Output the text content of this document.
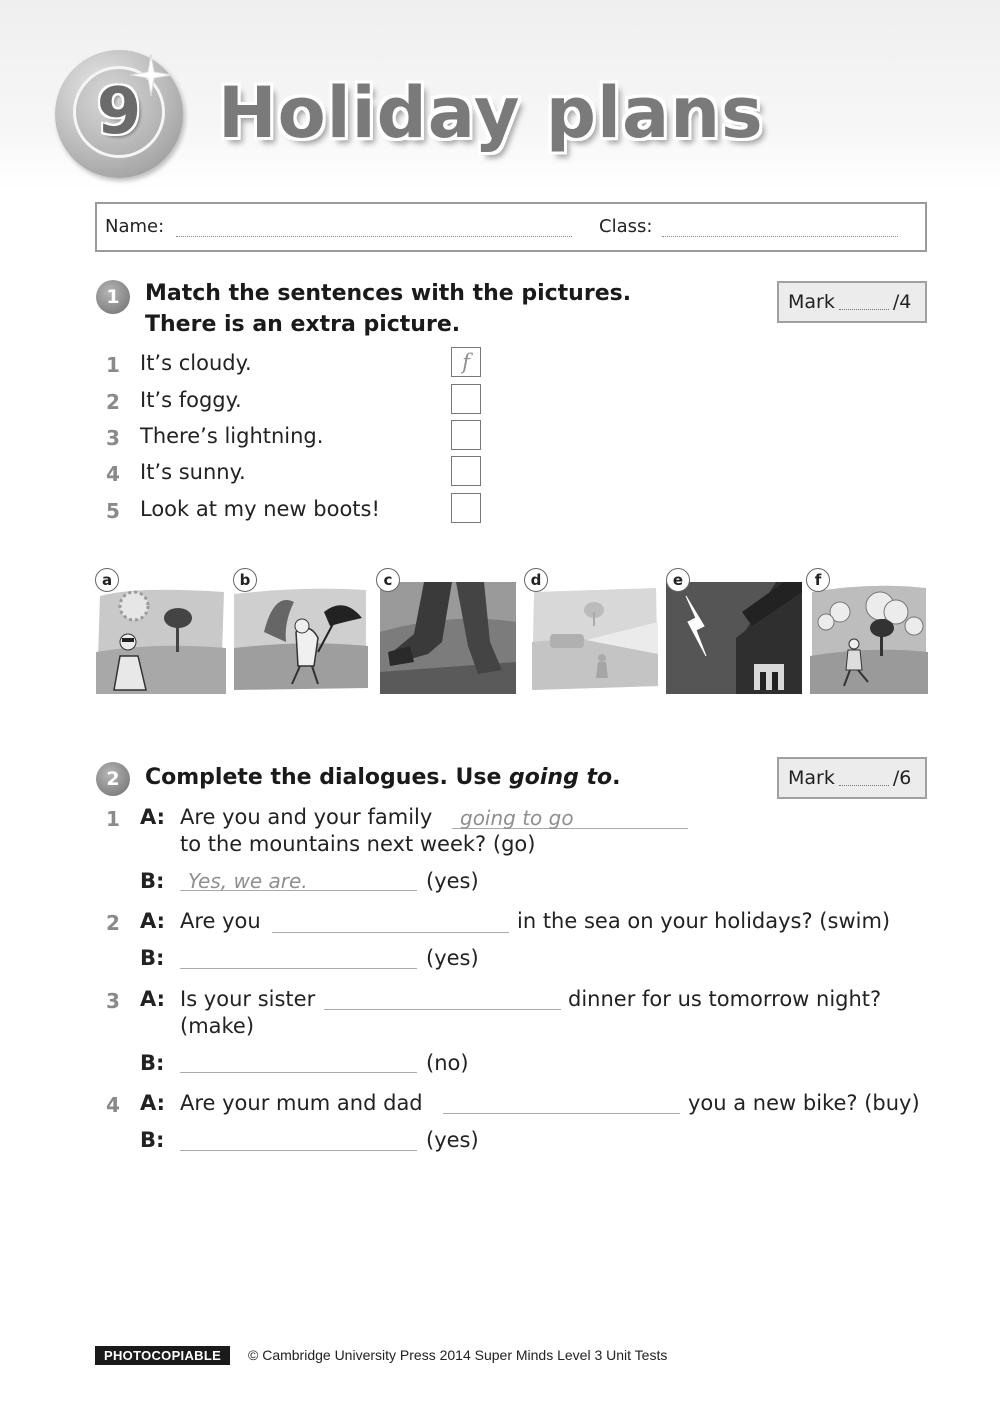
9	Holiday plans
Name:	Class:
1	Match the sentences with the pictures.
There is an extra picture.
Mark	/4
1 It’s cloudy.	f
2 It’s foggy.
3 There’s lightning.
4 It’s sunny.
5 Look at my new boots!
a	b	c	d	e	f
2	Complete the dialogues. Use going to.	Mark	/6
1 A: Are you and your family going to go
to the mountains next week? (go)
B: Yes, we are.	(yes)
2 A: Are you	in the sea on your holidays? (swim)
B:	(yes)
3 A: Is your sister	dinner for us tomorrow night?
(make)
B:	(no)
4 A: Are your mum and dad	you a new bike? (buy)
B:	(yes)
PHOTOCOPIABLE	© Cambridge University Press 2014 Super Minds Level 3 Unit Tests
